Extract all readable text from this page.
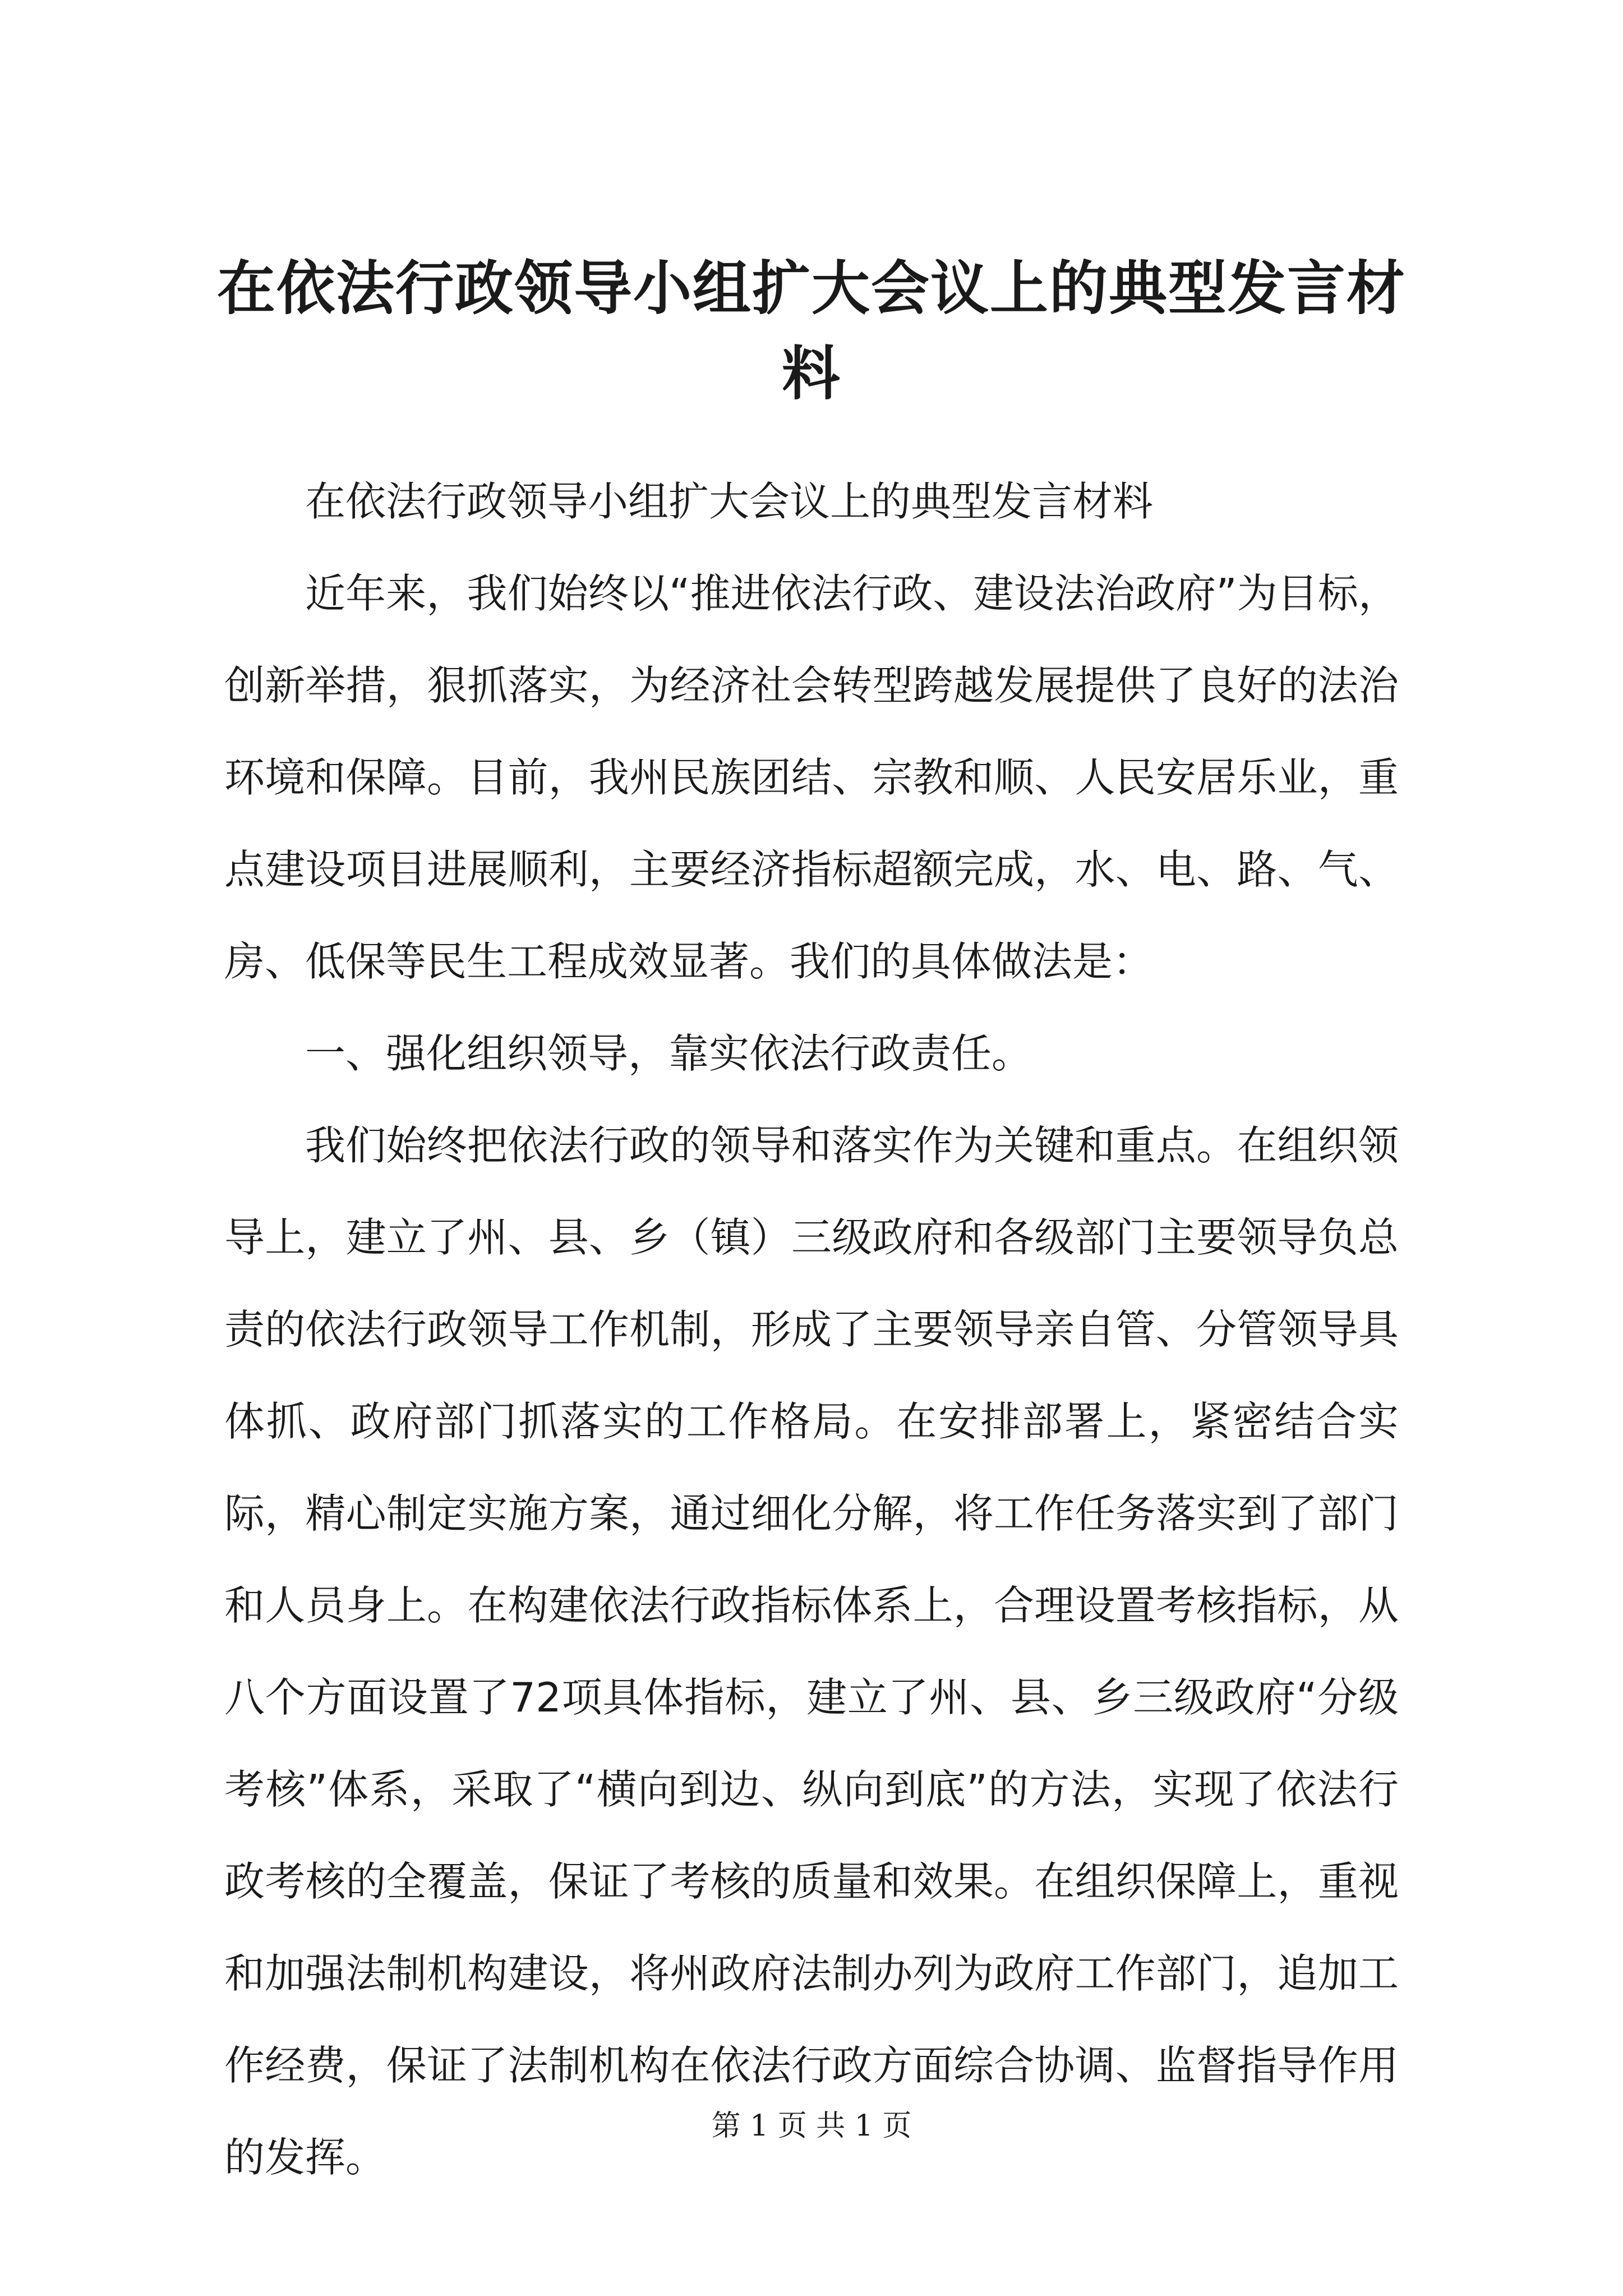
在依法行政领导小组扩大会议上的典型发言材料

在依法行政领导小组扩大会议上的典型发言材料

近年来，我们始终以“推进依法行政、建设法治政府”为目标，创新举措，狠抓落实，为经济社会转型跨越发展提供了良好的法治环境和保障。目前，我州民族团结、宗教和顺、人民安居乐业，重点建设项目进展顺利，主要经济指标超额完成，水、电、路、气、房、低保等民生工程成效显著。我们的具体做法是：

一、强化组织领导，靠实依法行政责任。

我们始终把依法行政的领导和落实作为关键和重点。在组织领导上，建立了州、县、乡（镇）三级政府和各级部门主要领导负总责的依法行政领导工作机制，形成了主要领导亲自管、分管领导具体抓、政府部门抓落实的工作格局。在安排部署上，紧密结合实际，精心制定实施方案，通过细化分解，将工作任务落实到了部门和人员身上。在构建依法行政指标体系上，合理设置考核指标，从八个方面设置了72项具体指标，建立了州、县、乡三级政府“分级考核”体系，采取了“横向到边、纵向到底”的方法，实现了依法行政考核的全覆盖，保证了考核的质量和效果。在组织保障上，重视和加强法制机构建设，将州政府法制办列为政府工作部门，追加工作经费，保证了法制机构在依法行政方面综合协调、监督指导作用的发挥。

第 1 页 共 1 页
